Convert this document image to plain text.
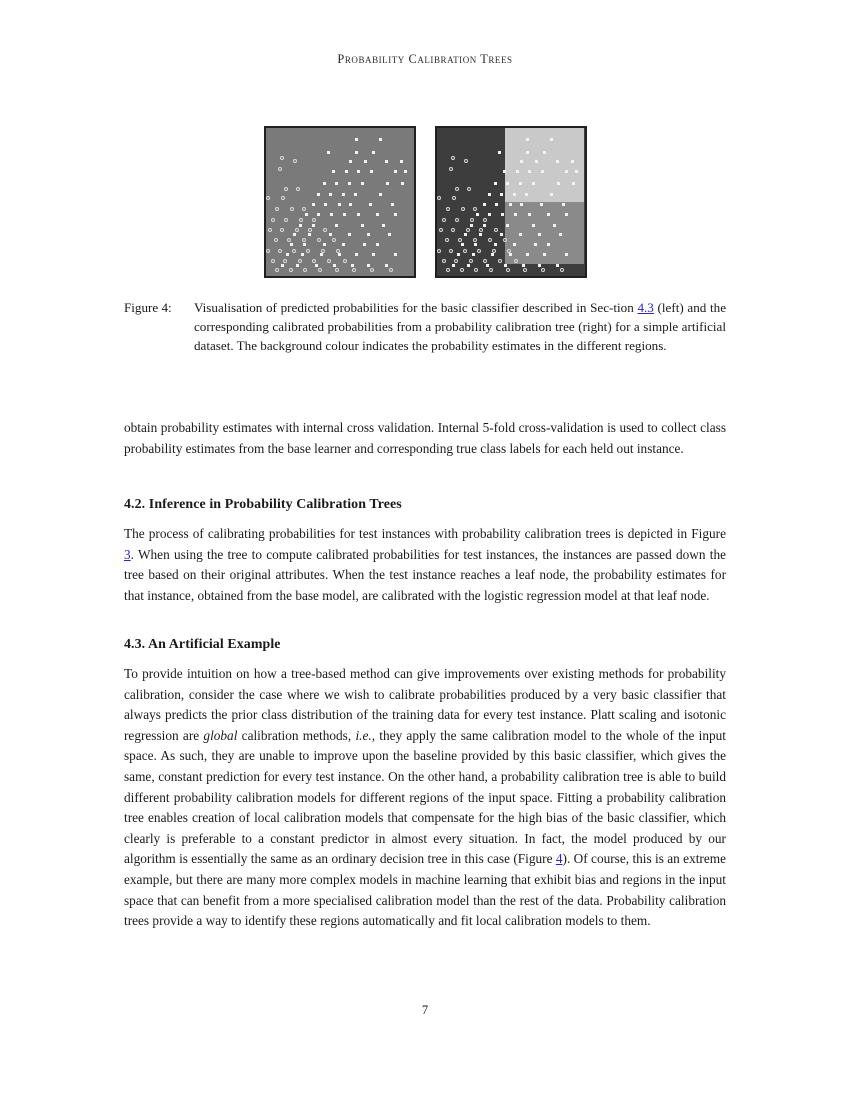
Probability Calibration Trees
Figure 4:	Visualisation of predicted probabilities for the basic classifier described in Sec-tion 4.3 (left) and the corresponding calibrated probabilities from a probability calibration tree (right) for a simple artificial dataset. The background colour indicates the probability estimates in the different regions.

obtain probability estimates with internal cross validation. Internal 5-fold cross-validation is used to collect class probability estimates from the base learner and corresponding true class labels for each held out instance.

4.2. Inference in Probability Calibration Trees

The process of calibrating probabilities for test instances with probability calibration trees is depicted in Figure 3. When using the tree to compute calibrated probabilities for test instances, the instances are passed down the tree based on their original attributes. When the test instance reaches a leaf node, the probability estimates for that instance, obtained from the base model, are calibrated with the logistic regression model at that leaf node.

4.3. An Artificial Example

To provide intuition on how a tree-based method can give improvements over existing methods for probability calibration, consider the case where we wish to calibrate probabilities produced by a very basic classifier that always predicts the prior class distribution of the training data for every test instance. Platt scaling and isotonic regression are global calibration methods, i.e., they apply the same calibration model to the whole of the input space. As such, they are unable to improve upon the baseline provided by this basic classifier, which gives the same, constant prediction for every test instance. On the other hand, a probability calibration tree is able to build different probability calibration models for different regions of the input space. Fitting a probability calibration tree enables creation of local calibration models that compensate for the high bias of the basic classifier, which clearly is preferable to a constant predictor in almost every situation. In fact, the model produced by our algorithm is essentially the same as an ordinary decision tree in this case (Figure 4). Of course, this is an extreme example, but there are many more complex models in machine learning that exhibit bias and regions in the input space that can benefit from a more specialised calibration model than the rest of the data. Probability calibration trees provide a way to identify these regions automatically and fit local calibration models to them.

7
